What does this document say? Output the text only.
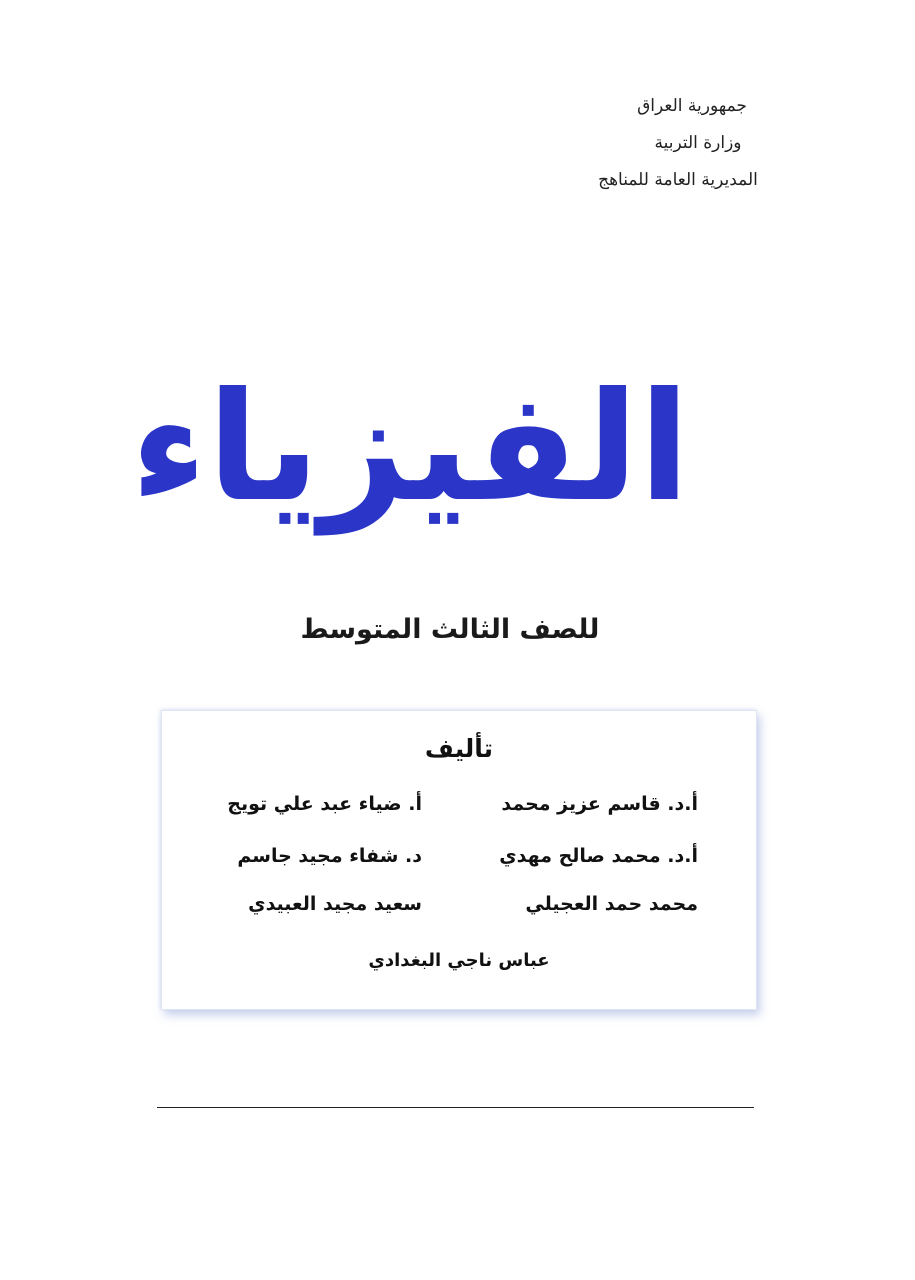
جمهورية العراق
وزارة التربية
المديرية العامة للمناهج
الفيزياء
للصف الثالث المتوسط
تأليف
أ.د. قاسم عزيز محمد
أ. ضياء عبد علي تويج
أ.د. محمد صالح مهدي
د. شفاء مجيد جاسم
محمد حمد العجيلي
سعيد مجيد العبيدي
عباس ناجي البغدادي
